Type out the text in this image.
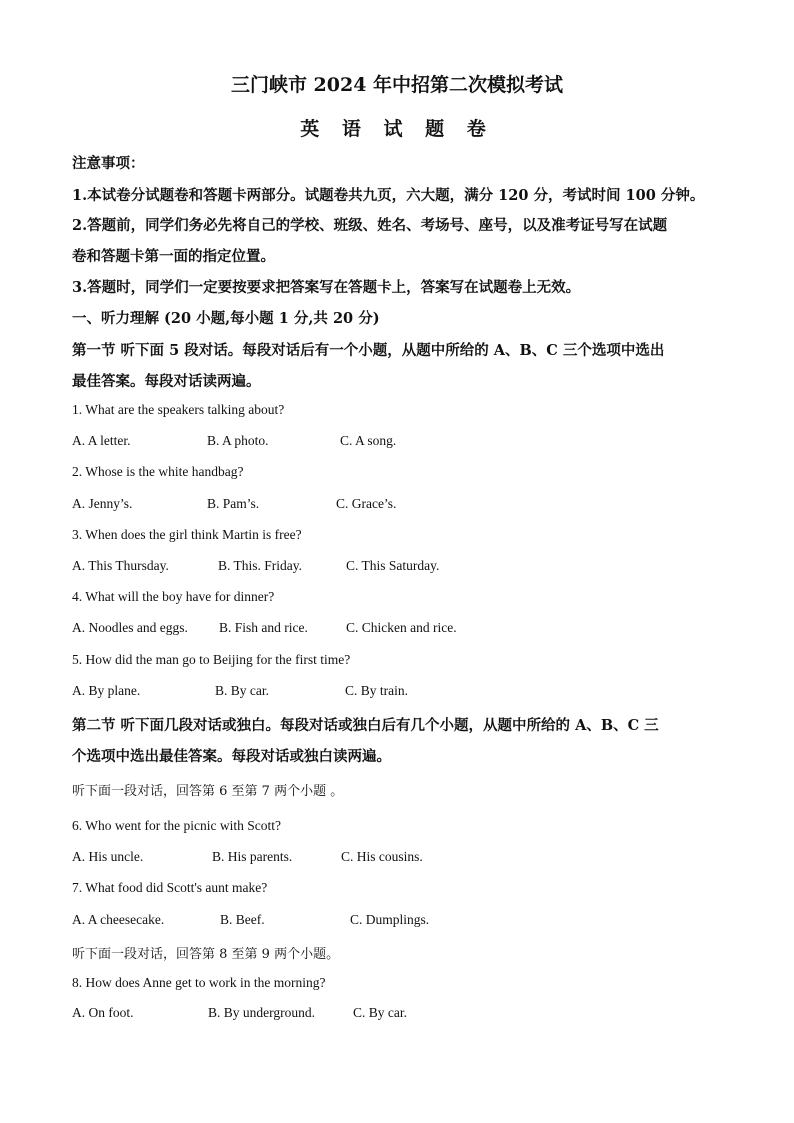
三门峡市 2024 年中招第二次模拟考试
英 语 试 题 卷
注意事项：
1.本试卷分试题卷和答题卡两部分。试题卷共九页，六大题，满分 120 分，考试时间 100 分钟。
2.答题前，同学们务必先将自己的学校、班级、姓名、考场号、座号，以及准考证号写在试题
卷和答题卡第一面的指定位置。
3.答题时，同学们一定要按要求把答案写在答题卡上，答案写在试题卷上无效。
一、听力理解 (20 小题,每小题 1 分,共 20 分)
第一节 听下面 5 段对话。每段对话后有一个小题，从题中所给的 A、B、C 三个选项中选出
最佳答案。每段对话读两遍。
1. What are the speakers talking about?
A. A letter.	B. A photo.	C. A song.
2. Whose is the white handbag?
A. Jenny’s.	B. Pam’s.	C. Grace’s.
3. When does the girl think Martin is free?
A. This Thursday.	B. This. Friday.	C. This Saturday.
4. What will the boy have for dinner?
A. Noodles and eggs. B. Fish and rice.	C. Chicken and rice.
5. How did the man go to Beijing for the first time?
A. By plane.	B. By car.	C. By train.
第二节 听下面几段对话或独白。每段对话或独白后有几个小题，从题中所给的 A、B、C 三
个选项中选出最佳答案。每段对话或独白读两遍。
听下面一段对话，回答第 6 至第 7 两个小题 。
6. Who went for the picnic with Scott?
A. His uncle.	B. His parents.	C. His cousins.
7. What food did Scott's aunt make?
A. A cheesecake.	B. Beef.	C. Dumplings.
听下面一段对话，回答第 8 至第 9 两个小题。
8. How does Anne get to work in the morning?
A. On foot.	B. By underground.	C. By car.
